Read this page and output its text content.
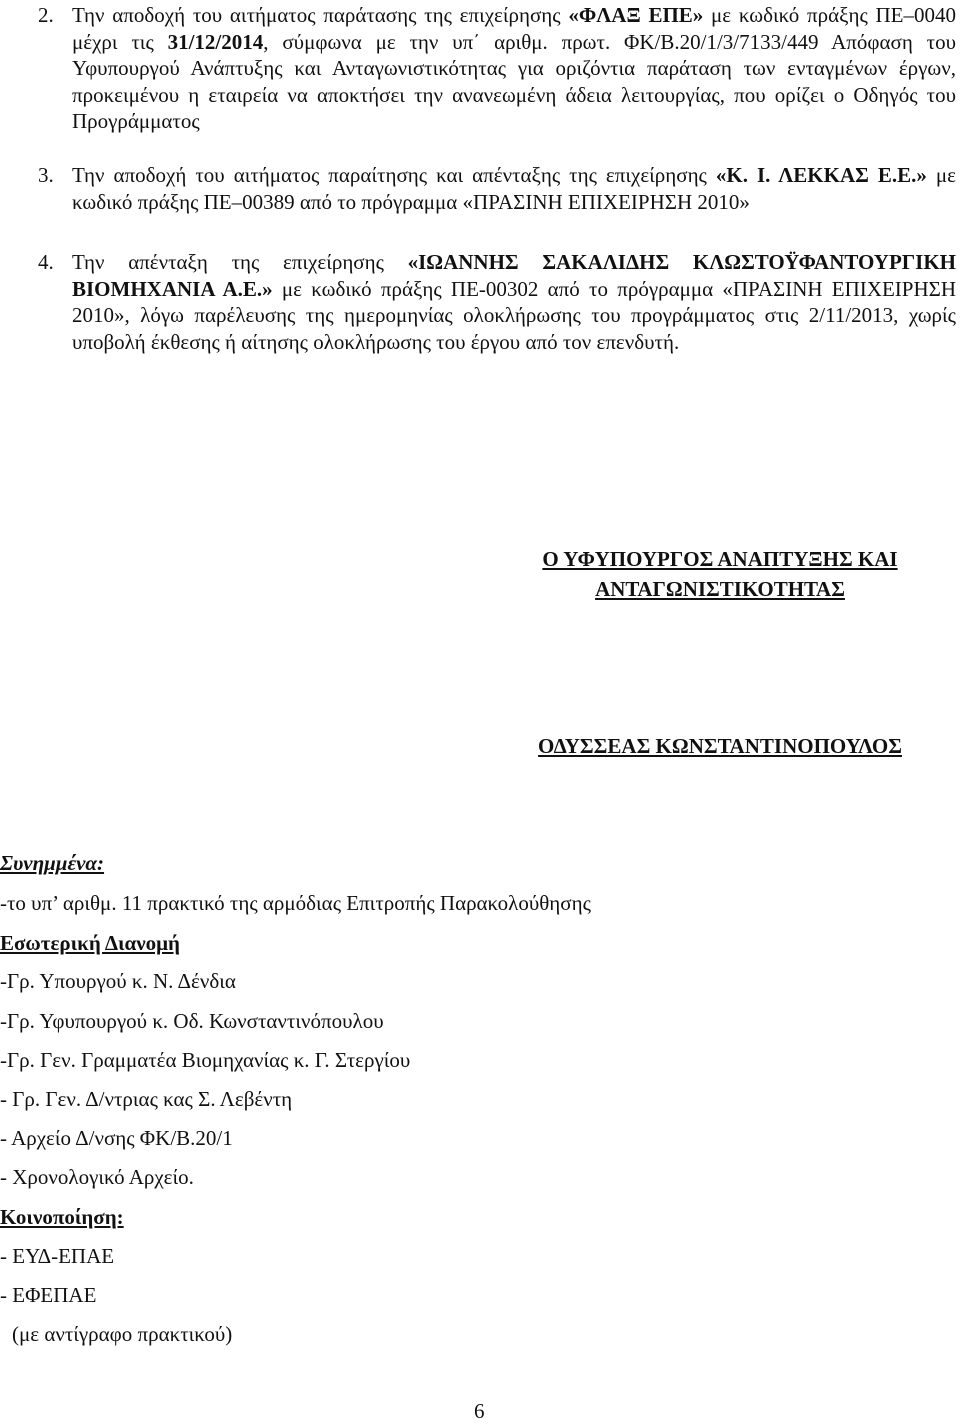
2. Την αποδοχή του αιτήματος παράτασης της επιχείρησης «ΦΛΑΞ ΕΠΕ» με κωδικό πράξης ΠΕ–0040 μέχρι τις 31/12/2014, σύμφωνα με την υπ΄ αριθμ. πρωτ. ΦΚ/Β.20/1/3/7133/449 Απόφαση του Υφυπουργού Ανάπτυξης και Ανταγωνιστικότητας για οριζόντια παράταση των ενταγμένων έργων, προκειμένου η εταιρεία να αποκτήσει την ανανεωμένη άδεια λειτουργίας, που ορίζει ο Οδηγός του Προγράμματος
3. Την αποδοχή του αιτήματος παραίτησης και απένταξης της επιχείρησης «Κ. Ι. ΛΕΚΚΑΣ Ε.Ε.» με κωδικό πράξης ΠΕ–00389 από το πρόγραμμα «ΠΡΑΣΙΝΗ ΕΠΙΧΕΙΡΗΣΗ 2010»
4. Την απένταξη της επιχείρησης «ΙΩΑΝΝΗΣ ΣΑΚΑΛΙΔΗΣ ΚΛΩΣΤΟΫΦΑΝΤΟΥΡΓΙΚΗ ΒΙΟΜΗΧΑΝΙΑ Α.Ε.» με κωδικό πράξης ΠΕ-00302 από το πρόγραμμα «ΠΡΑΣΙΝΗ ΕΠΙΧΕΙΡΗΣΗ 2010», λόγω παρέλευσης της ημερομηνίας ολοκλήρωσης του προγράμματος στις 2/11/2013, χωρίς υποβολή έκθεσης ή αίτησης ολοκλήρωσης του έργου από τον επενδυτή.
Ο ΥΦΥΠΟΥΡΓΟΣ ΑΝΑΠΤΥΞΗΣ ΚΑΙ
ΑΝΤΑΓΩΝΙΣΤΙΚΟΤΗΤΑΣ
ΟΔΥΣΣΕΑΣ ΚΩΝΣΤΑΝΤΙΝΟΠΟΥΛΟΣ
Συνημμένα:
-το υπ’ αριθμ. 11 πρακτικό της αρμόδιας Επιτροπής Παρακολούθησης
Εσωτερική Διανομή
-Γρ. Υπουργού κ. Ν. Δένδια
-Γρ. Υφυπουργού κ. Οδ. Κωνσταντινόπουλου
-Γρ. Γεν. Γραμματέα Βιομηχανίας κ. Γ. Στεργίου
- Γρ. Γεν. Δ/ντριας κας Σ. Λεβέντη
- Αρχείο Δ/νσης ΦΚ/Β.20/1
- Χρονολογικό Αρχείο.
Κοινοποίηση:
- ΕΥΔ-ΕΠΑΕ
- ΕΦΕΠΑΕ
(με αντίγραφο πρακτικού)
6
